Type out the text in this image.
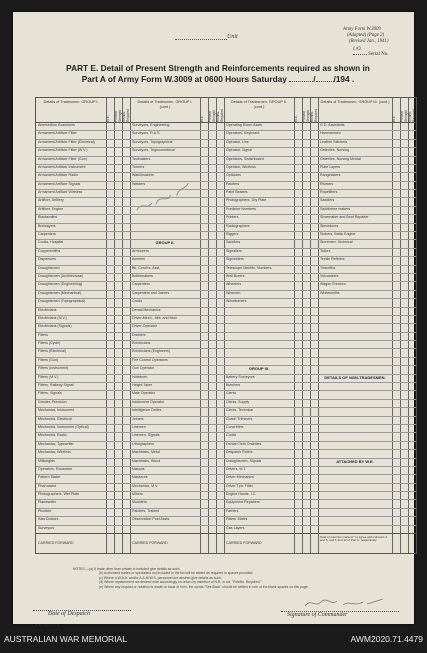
Unit
Army Form W.3009
(Adapted) (Page 2)
(Revised Jan., 1941)
I./O.
Serial No.
PART E. Detail of Present Strength and Reinforcements required as shown in
Part A of Army Form W.3009 at 0600 Hours Saturday	/ /194 .
Details of Tradesmen. GROUP I.
W.E.	Present Strength Reinfts. Required
Ammunition Examiners
Armament Artificer Fitter
Armament Artificer Fitter (Electrical)
Armament Artificer Fitter (W.V.)
Armament Artificer Fitter (Gun)
Armament Artificer Instrument
Armament Artificer Radio
Armament Artificer Signals
Armament Artificer Wireless
Artificer, Artillery
Artificer, Engine
Blacksmiths
Bricklayers
Carpenters
Cooks, Hospital
Coppersmiths
Dispensers
Draughtsmen
Draughtsmen (Architectural)
Draughtsmen (Engineering)
Draughtsmen (Mechanical)
Draughtsmen (Topographical)
Electricians
Electricians (M.V.)
Electricians (Signals)
Fitters
Fitters (Cycle)
Fitters (Electrical)
Fitters (Gun)
Fitters (Instrument)
Fitters (M.V.)
Fitters, Railway Signal
Fitters, Signals
Grinder, Precision
Mechanics, Instrument
Mechanics, Electrical
Mechanics, Instrument (Optical)
Mechanics, Radio
Mechanics, Typewriter
Mechanics, Wireless
Millwrights
Operators, Excavator
Pattern Maker
Pharmacist
Photographers, Wet Plate
Planesetter
Plumber
Saw Doctors
Surveyors
CARRIED FORWARD
Details of Tradesmen. GROUP I. (cont.)
W.E.	Present Strength Reinfts. Required
Surveyors, Engineering
Surveyors, R.A.S.
Surveyors, Topographical
Surveyors, Trigonometrical
Toolmakers
Turners
Watchmakers
Welders
GROUP II.
Armourers
Axemen
Bit. Cond'rs. Asst.
Boilermakers
Carpenters
Carpenters and Joiners
Cooks
Dental Mechanics
Driver-Mech., Mnt. and Mod.
Driver-Operator
Drainers
Electricians
Electricians (Engineers)
Fire Control Operators
Gun Operator
Hotelmen
Height Taker
Male Operator
Instrument Operator
Intelligence Duties
Joiners
Linemen
Linemen, Signals
Lithographers
Machinists, Metal
Machinists, Wood
Masons
Masseurs
Mechanics, M.V.
Miners
Moulders
Painters, Trained
Observation Post Assts.
CARRIED FORWARD
Details of Tradesmen. GROUP II. (cont.)
W.E.	Present Strength Reinfts. Required
Operating Room Assts.
Operators, Keyboard
Operator, Line
Operator, Signal
Operators, Switchboard
Operator, Wireless
Opticians
Painters
Paint Beaters
Photographers, Dry Plate
Predictor Numbers
Printers
Radiographers
Riggers
Saddlers
Signallers
Signwriters
Telescope Identifn. Numbers
Well Borers
Wheelers
Wiremen
Woodturners
GROUP III.
Battery Surveyors
Butchers
Clerks
Clerks, Supply
Clerks, Technical
Coach Trimmers
Concreters
Cooks
Dental Clerk Orderlies
Despatch Riders
Draughtsmen, Signals
Drivers, M.T.
Driver Mechanics
Driver Tptr. Fitter
Engine Hands, I.C.
Equipment Repairers
Farriers
Fitters' Mates
Gas Layers
CARRIED FORWARD
Details of Tradesmen. GROUP III. (cont.)
W.E.	Present Strength Reinfts. Required
G.D. Assistants
Hammermen
Leather Stitchers
Orderlies, Nursing
Orderlies, Nursing Mental
Plate Layers
Rangetakers
Riveters
Ropefitters
Saddlers
Saddletree makers
Shoemaker and Boot Repairer
Stevedores
Stokers, Static Engine
Storemen, Technical
Tailors
Textile Refiners
Tinsmiths
Vulcanizers
Wagon Erectors
Whitesmiths
DETAILS OF NON-TRADESMEN.
ATTACHED BY W.E.
Total of columns marked * to agree with columns 4 and 5, and 1 and 12 of Part A, respectively.
NOTES.—(a) If trade other than private is included give details as such.
(b) Authorised trades or specialists not included in the list will be added as required in spaces provided.
(c) Where a W.A.A. and/or A.A.M.W.S. personnel are desired give details as such.
(d) Where replacement not desired note accordingly on return by insertion of N.R. in col. "Reinfts. Required."
(e) Where any request or notation is made on back of form, the words "See Back" should be written in one of the blank spaces on this page.
Date of Despatch	Signature of Commander
AUSTRALIAN WAR MEMORIAL	AWM2020.71.4479
